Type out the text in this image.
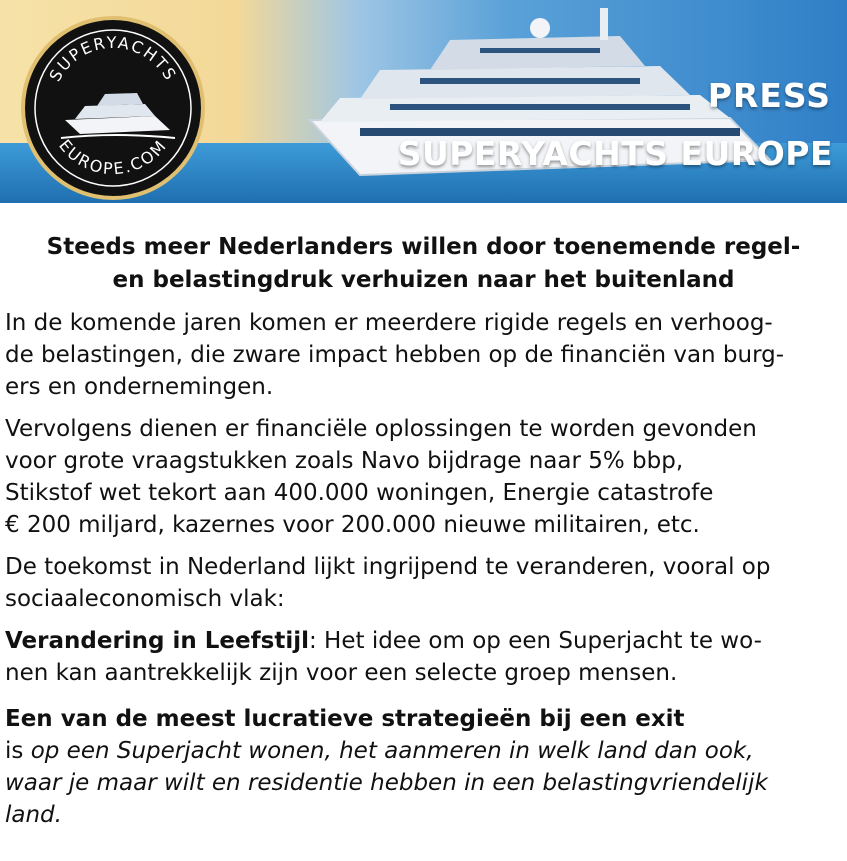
SUPERYACHTS
EUROPE.COM
PRESS
SUPERYACHTS EUROPE
Steeds meer Nederlanders willen door toenemende regel-
en belastingdruk verhuizen naar het buitenland
In de komende jaren komen er meerdere rigide regels en verhoog-
de belastingen, die zware impact hebben op de financiën van burg-
ers en ondernemingen.
Vervolgens dienen er financiële oplossingen te worden gevonden
voor grote vraagstukken zoals Navo bijdrage naar 5% bbp,
Stikstof wet tekort aan 400.000 woningen, Energie catastrofe
€ 200 miljard, kazernes voor 200.000 nieuwe militairen, etc.
De toekomst in Nederland lijkt ingrijpend te veranderen, vooral op
sociaaleconomisch vlak:
Verandering in Leefstijl: Het idee om op een Superjacht te wo-
nen kan aantrekkelijk zijn voor een selecte groep mensen.
Een van de meest lucratieve strategieën bij een exit
is op een Superjacht wonen, het aanmeren in welk land dan ook,
waar je maar wilt en residentie hebben in een belastingvriendelijk
land.
